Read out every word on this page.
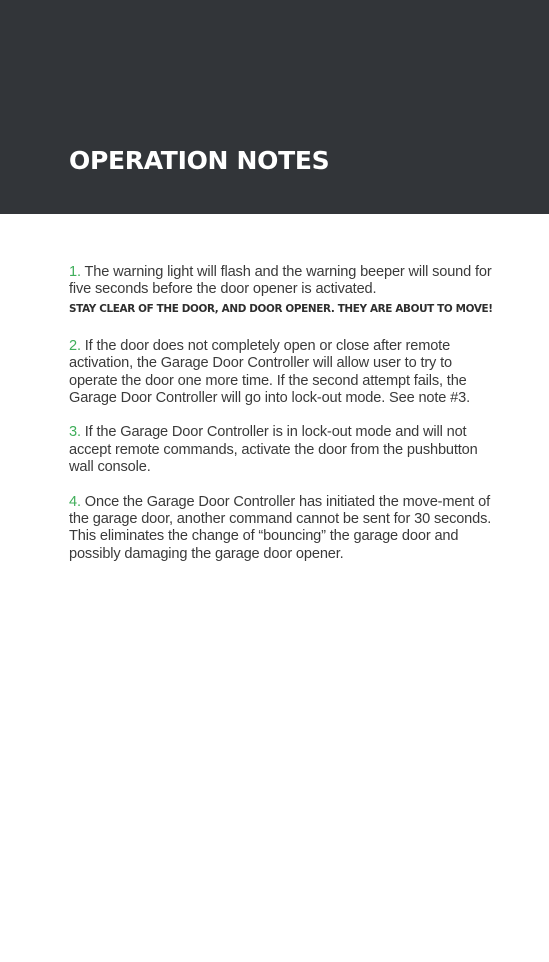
OPERATION NOTES

1. The warning light will flash and the warning beeper will sound for five seconds before the door opener is activated.

STAY CLEAR OF THE DOOR, AND DOOR OPENER. THEY ARE ABOUT TO MOVE!

2. If the door does not completely open or close after remote activation, the Garage Door Controller will allow user to try to operate the door one more time. If the second attempt fails, the Garage Door Controller will go into lock-out mode. See note #3.

3. If the Garage Door Controller is in lock-out mode and will not accept remote commands, activate the door from the pushbutton wall console.

4. Once the Garage Door Controller has initiated the move-ment of the garage door, another command cannot be sent for 30 seconds. This eliminates the change of “bouncing” the garage door and possibly damaging the garage door opener.
